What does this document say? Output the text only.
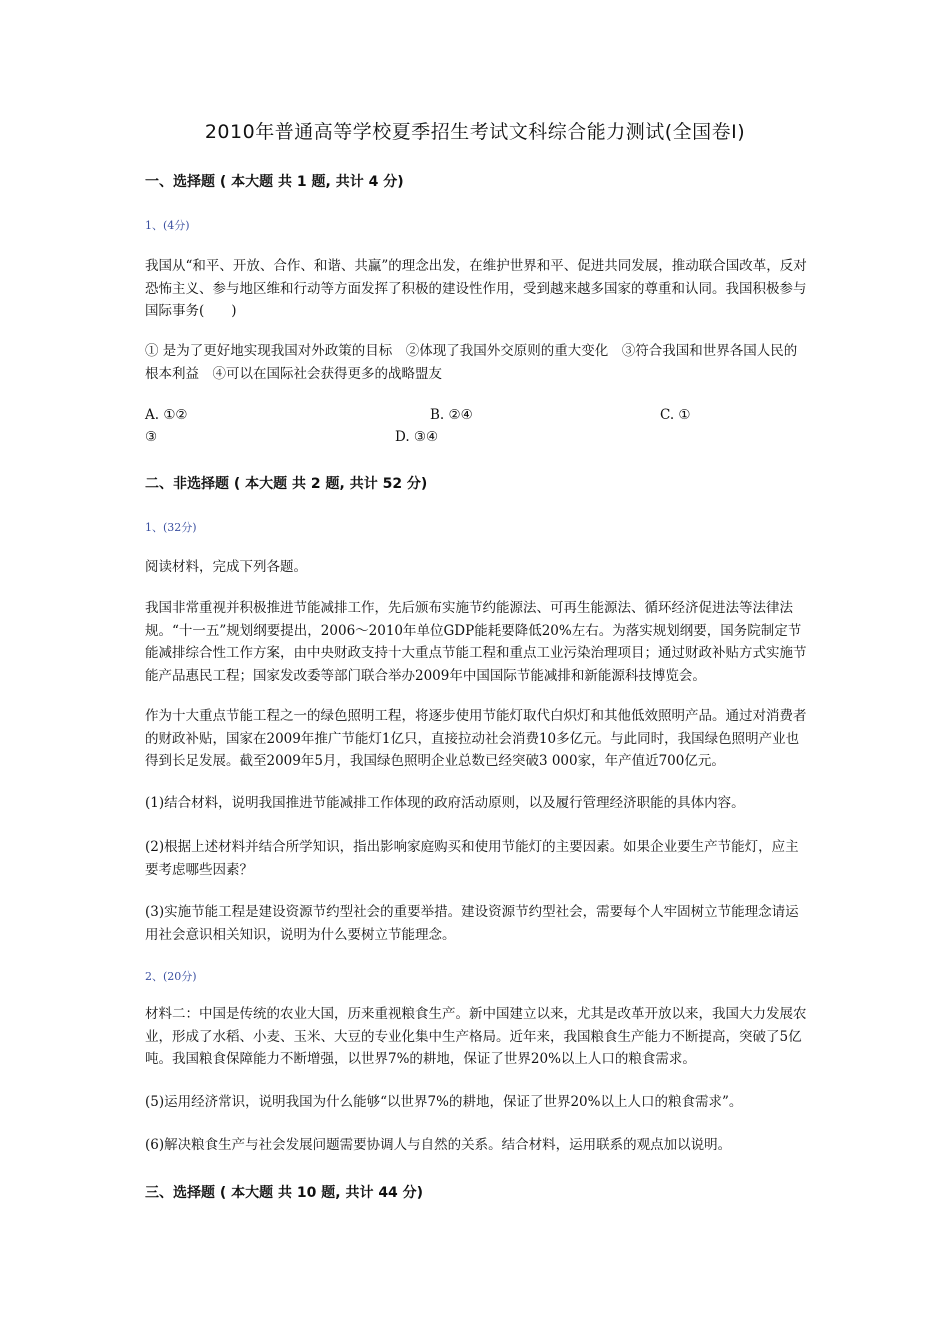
2010年普通高等学校夏季招生考试文科综合能力测试(全国卷Ⅰ)
一、选择题 ( 本大题 共 1 题, 共计 4 分)
1、(4分)
我国从“和平、开放、合作、和谐、共赢”的理念出发，在维护世界和平、促进共同发展，推动联合国改革，反对恐怖主义、参与地区维和行动等方面发挥了积极的建设性作用，受到越来越多国家的尊重和认同。我国积极参与国际事务(　　)
① 是为了更好地实现我国对外政策的目标　②体现了我国外交原则的重大变化　③符合我国和世界各国人民的根本利益　④可以在国际社会获得更多的战略盟友
A. ①②	B. ②④	C. ①
③	D. ③④
二、非选择题 ( 本大题 共 2 题, 共计 52 分)
1、(32分)
阅读材料，完成下列各题。
我国非常重视并积极推进节能减排工作，先后颁布实施节约能源法、可再生能源法、循环经济促进法等法律法规。“十一五”规划纲要提出，2006～2010年单位GDP能耗要降低20%左右。为落实规划纲要，国务院制定节能减排综合性工作方案，由中央财政支持十大重点节能工程和重点工业污染治理项目；通过财政补贴方式实施节能产品惠民工程；国家发改委等部门联合举办2009年中国国际节能减排和新能源科技博览会。
作为十大重点节能工程之一的绿色照明工程，将逐步使用节能灯取代白炽灯和其他低效照明产品。通过对消费者的财政补贴，国家在2009年推广节能灯1亿只，直接拉动社会消费10多亿元。与此同时，我国绿色照明产业也得到长足发展。截至2009年5月，我国绿色照明企业总数已经突破3 000家，年产值近700亿元。
(1)结合材料，说明我国推进节能减排工作体现的政府活动原则，以及履行管理经济职能的具体内容。
(2)根据上述材料并结合所学知识，指出影响家庭购买和使用节能灯的主要因素。如果企业要生产节能灯，应主要考虑哪些因素？
(3)实施节能工程是建设资源节约型社会的重要举措。建设资源节约型社会，需要每个人牢固树立节能理念请运用社会意识相关知识，说明为什么要树立节能理念。
2、(20分)
材料二：中国是传统的农业大国，历来重视粮食生产。新中国建立以来，尤其是改革开放以来，我国大力发展农业，形成了水稻、小麦、玉米、大豆的专业化集中生产格局。近年来，我国粮食生产能力不断提高，突破了5亿吨。我国粮食保障能力不断增强，以世界7%的耕地，保证了世界20%以上人口的粮食需求。
(5)运用经济常识，说明我国为什么能够“以世界7%的耕地，保证了世界20%以上人口的粮食需求”。
(6)解决粮食生产与社会发展问题需要协调人与自然的关系。结合材料，运用联系的观点加以说明。
三、选择题 ( 本大题 共 10 题, 共计 44 分)
